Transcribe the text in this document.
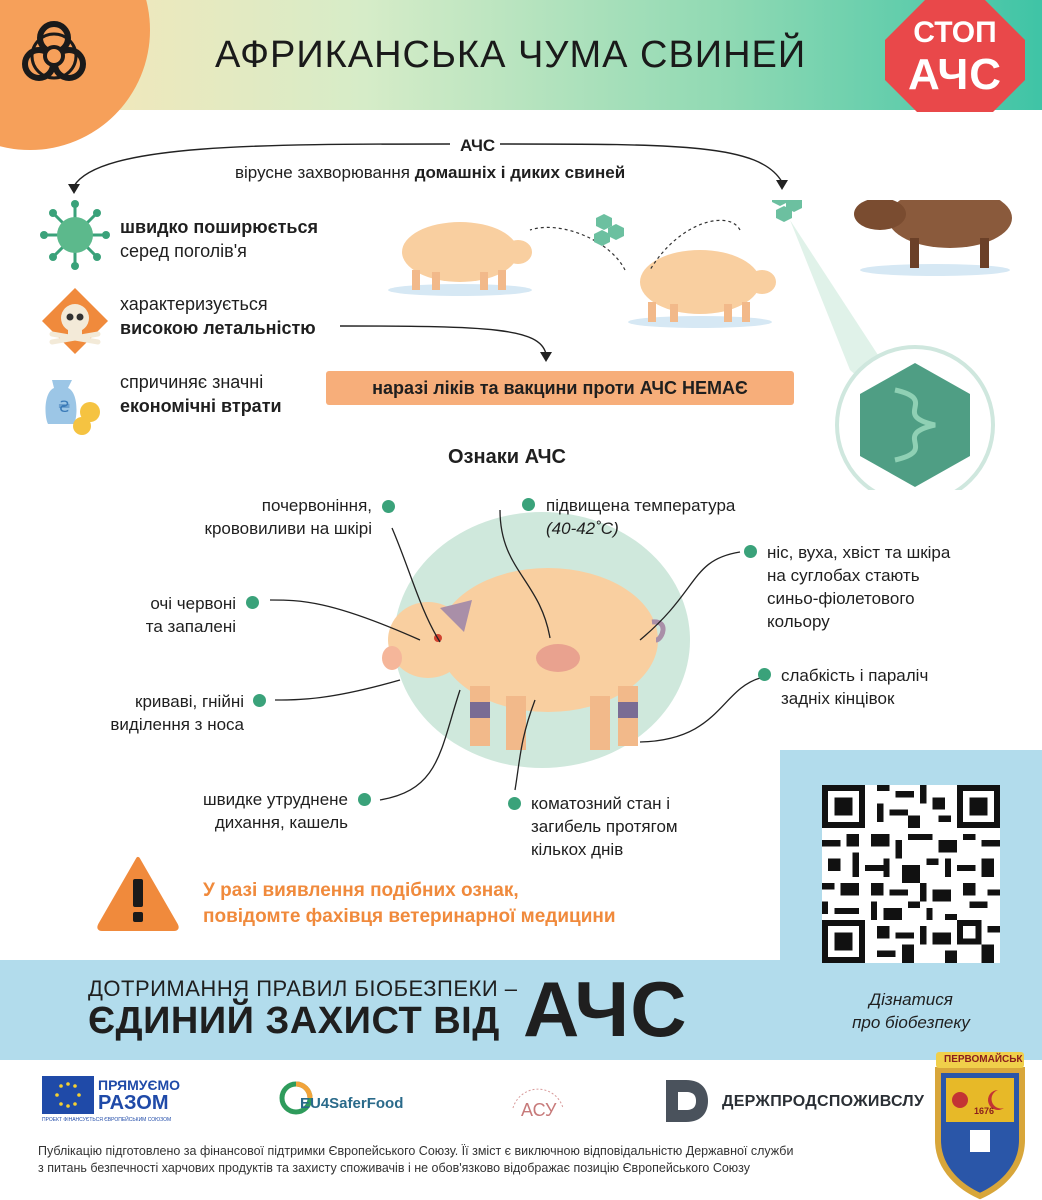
АФРИКАНСЬКА ЧУМА СВИНЕЙ
СТОП
АЧС
АЧС
вірусне захворювання домашніх і диких свиней
швидко поширюється
серед поголів'я
характеризується
високою летальністю
₴
спричиняє значні
економічні втрати
наразі ліків та вакцини проти АЧС НЕМАЄ
Ознаки АЧС
почервоніння,
крововиливи на шкірі
підвищена температура
(40-42˚С)
очі червоні
та запалені
криваві, гнійні
виділення з носа
швидке утруднене
дихання, кашель
ніс, вуха, хвіст та шкіра
на суглобах стають
синьо-фіолетового
кольору
слабкість і параліч
задніх кінцівок
коматозний стан і
загибель протягом
кількох днів
У разі виявлення подібних ознак,
повідомте фахівця ветеринарної медицини
Дізнатися
про біобезпеку
ДОТРИМАННЯ ПРАВИЛ БІОБЕЗПЕКИ –
ЄДИНИЙ ЗАХИСТ ВІД АЧС
ПРЯМУЄМО
РАЗОМ
ПРОЕКТ ФІНАНСУЄТЬСЯ ЄВРОПЕЙСЬКИМ СОЮЗОМ
EU4SaferFood	АСУ	ДЕРЖПРОДСПОЖИВСЛУ
ПЕРВОМАЙСЬК
1676
Публікацію підготовлено за фінансової підтримки Європейського Союзу. Її зміст є виключною відповідальністю Державної служби
з питань безпечності харчових продуктів та захисту споживачів і не обов'язково відображає позицію Європейського Союзу
